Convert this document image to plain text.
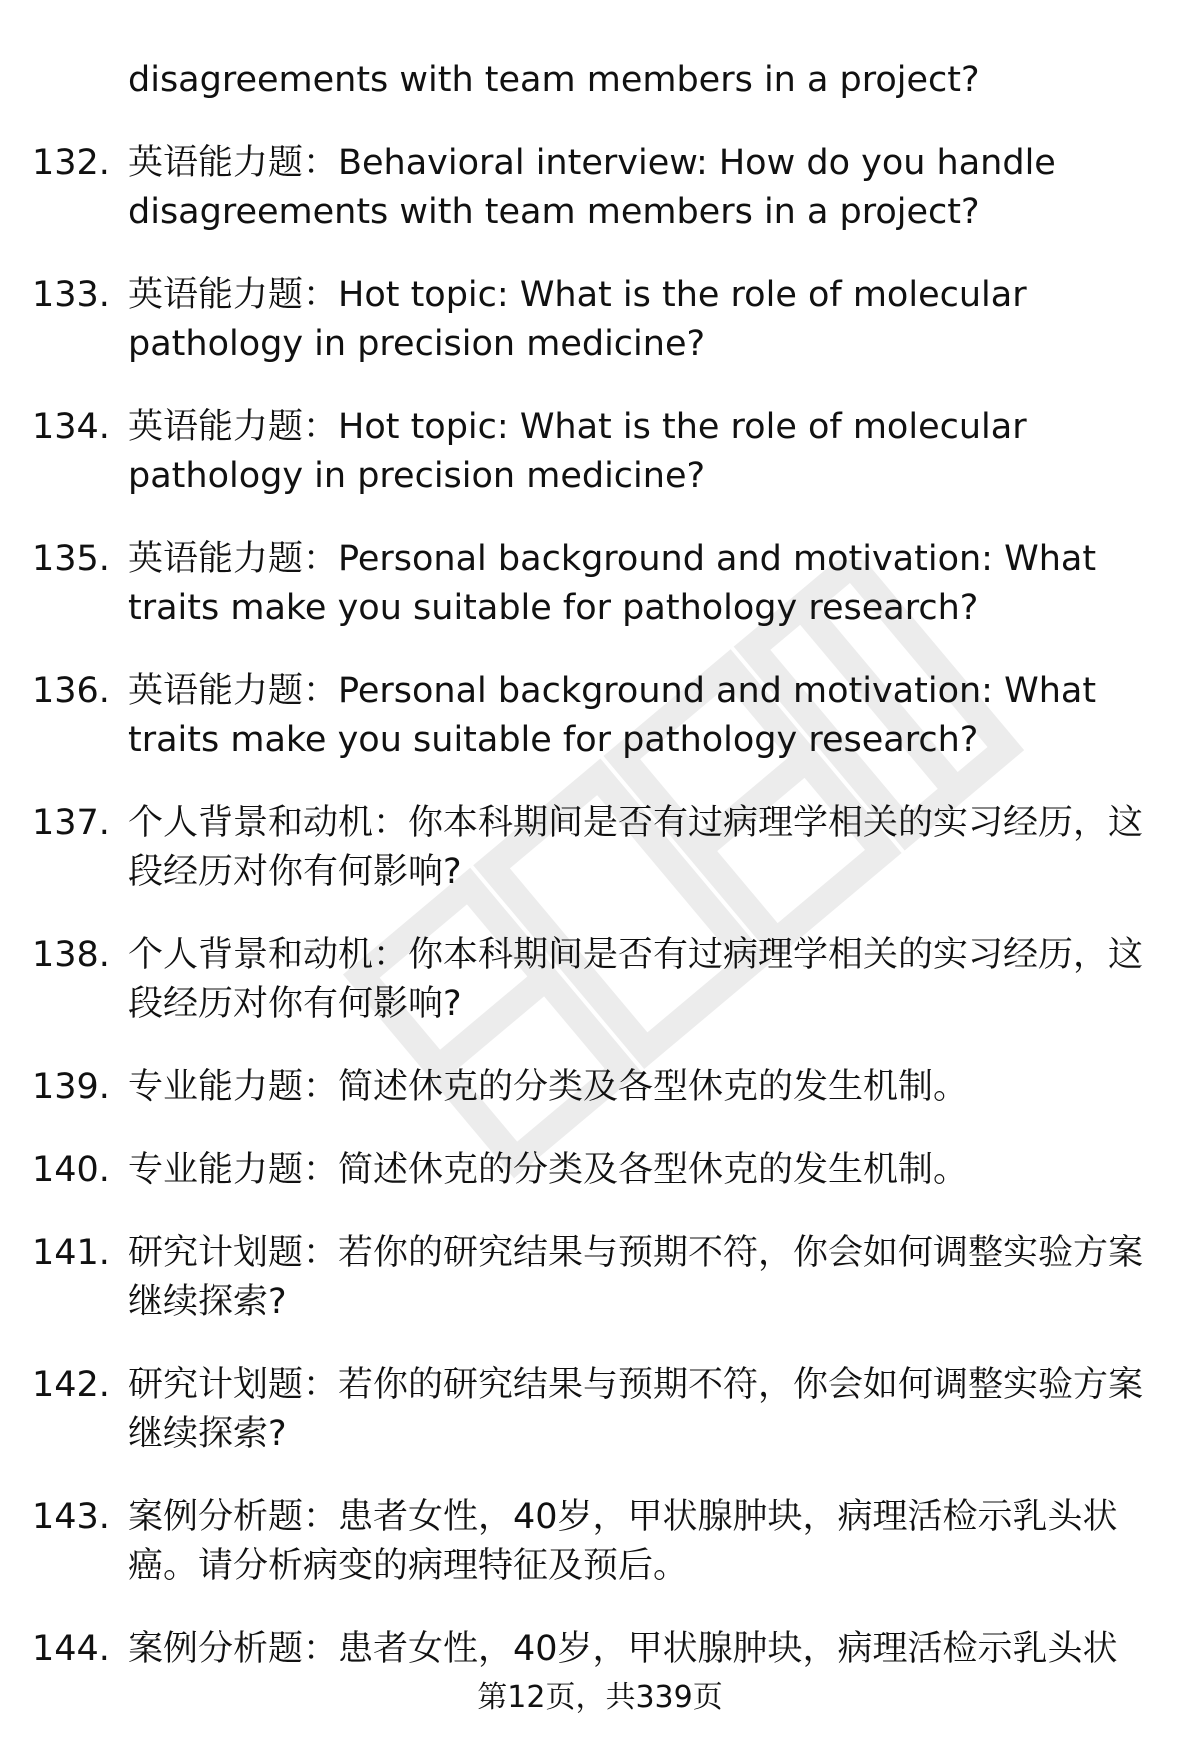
disagreements with team members in a project?
132. 英语能力题：Behavioral interview: How do you handle disagreements with team members in a project?
133. 英语能力题：Hot topic: What is the role of molecular pathology in precision medicine?
134. 英语能力题：Hot topic: What is the role of molecular pathology in precision medicine?
135. 英语能力题：Personal background and motivation: What traits make you suitable for pathology research?
136. 英语能力题：Personal background and motivation: What traits make you suitable for pathology research?
137. 个人背景和动机：你本科期间是否有过病理学相关的实习经历，这段经历对你有何影响?
138. 个人背景和动机：你本科期间是否有过病理学相关的实习经历，这段经历对你有何影响?
139. 专业能力题：简述休克的分类及各型休克的发生机制。
140. 专业能力题：简述休克的分类及各型休克的发生机制。
141. 研究计划题：若你的研究结果与预期不符，你会如何调整实验方案继续探索?
142. 研究计划题：若你的研究结果与预期不符，你会如何调整实验方案继续探索?
143. 案例分析题：患者女性，40岁，甲状腺肿块，病理活检示乳头状癌。请分析病变的病理特征及预后。
144. 案例分析题：患者女性，40岁，甲状腺肿块，病理活检示乳头状
第12页，共339页
